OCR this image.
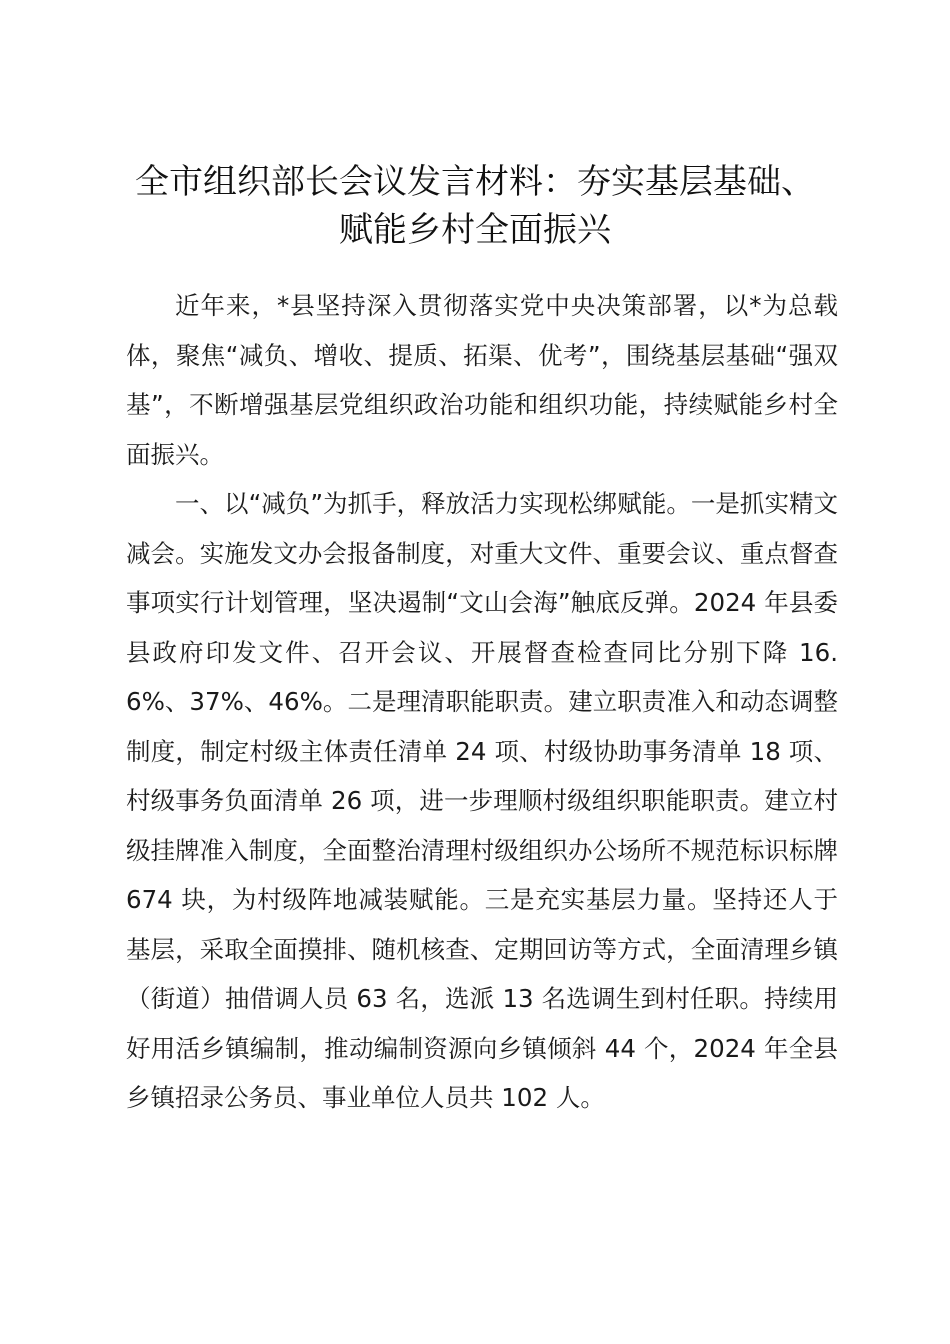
全市组织部长会议发言材料：夯实基层基础、
赋能乡村全面振兴

近年来，*县坚持深入贯彻落实党中央决策部署，以*为总载体，聚焦“减负、增收、提质、拓渠、优考”，围绕基层基础“强双基”，不断增强基层党组织政治功能和组织功能，持续赋能乡村全面振兴。

一、以“减负”为抓手，释放活力实现松绑赋能。一是抓实精文减会。实施发文办会报备制度，对重大文件、重要会议、重点督查事项实行计划管理，坚决遏制“文山会海”触底反弹。2024 年县委县政府印发文件、召开会议、开展督查检查同比分别下降 16.6%、37%、46%。二是理清职能职责。建立职责准入和动态调整制度，制定村级主体责任清单 24 项、村级协助事务清单 18 项、村级事务负面清单 26 项，进一步理顺村级组织职能职责。建立村级挂牌准入制度，全面整治清理村级组织办公场所不规范标识标牌 674 块，为村级阵地减装赋能。三是充实基层力量。坚持还人于基层，采取全面摸排、随机核查、定期回访等方式，全面清理乡镇（街道）抽借调人员 63 名，选派 13 名选调生到村任职。持续用好用活乡镇编制，推动编制资源向乡镇倾斜 44 个，2024 年全县乡镇招录公务员、事业单位人员共 102 人。
